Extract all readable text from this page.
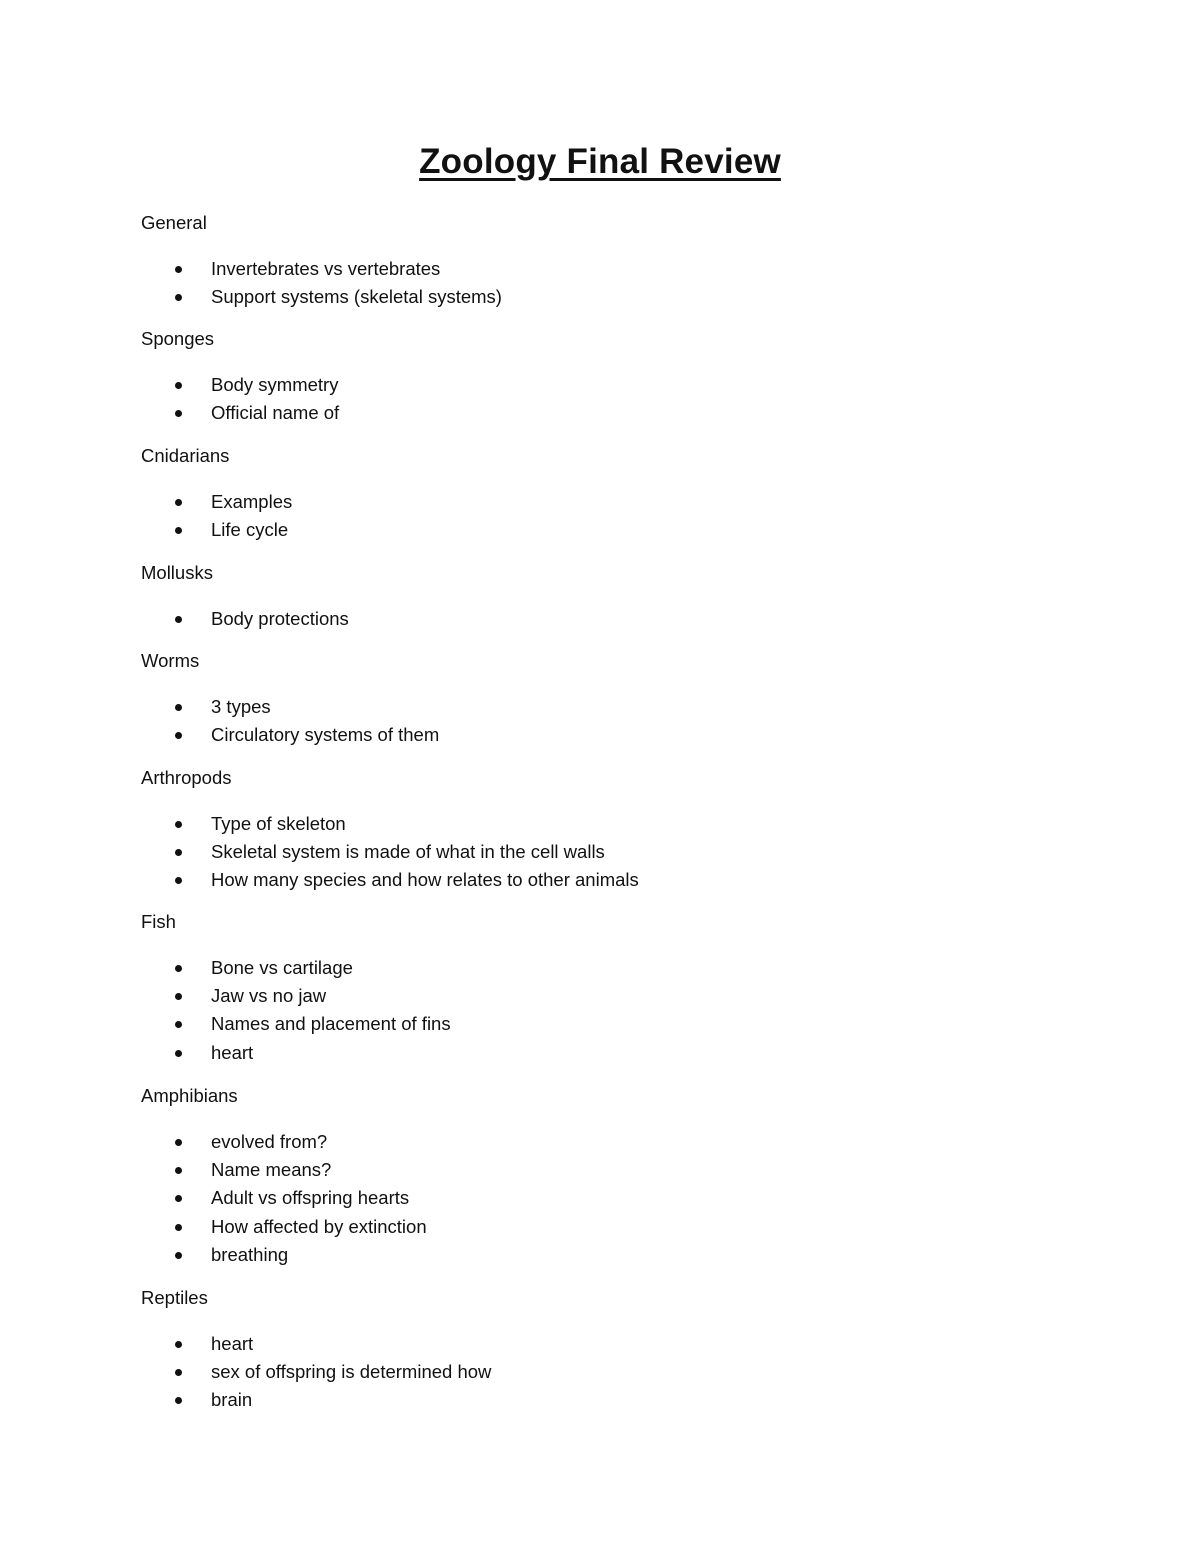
Zoology Final Review
General
Invertebrates vs vertebrates
Support systems (skeletal systems)
Sponges
Body symmetry
Official name of
Cnidarians
Examples
Life cycle
Mollusks
Body protections
Worms
3 types
Circulatory systems of them
Arthropods
Type of skeleton
Skeletal system is made of what in the cell walls
How many species and how relates to other animals
Fish
Bone vs cartilage
Jaw vs no jaw
Names and placement of fins
heart
Amphibians
evolved from?
Name means?
Adult vs offspring hearts
How affected by extinction
breathing
Reptiles
heart
sex of offspring is determined how
brain
